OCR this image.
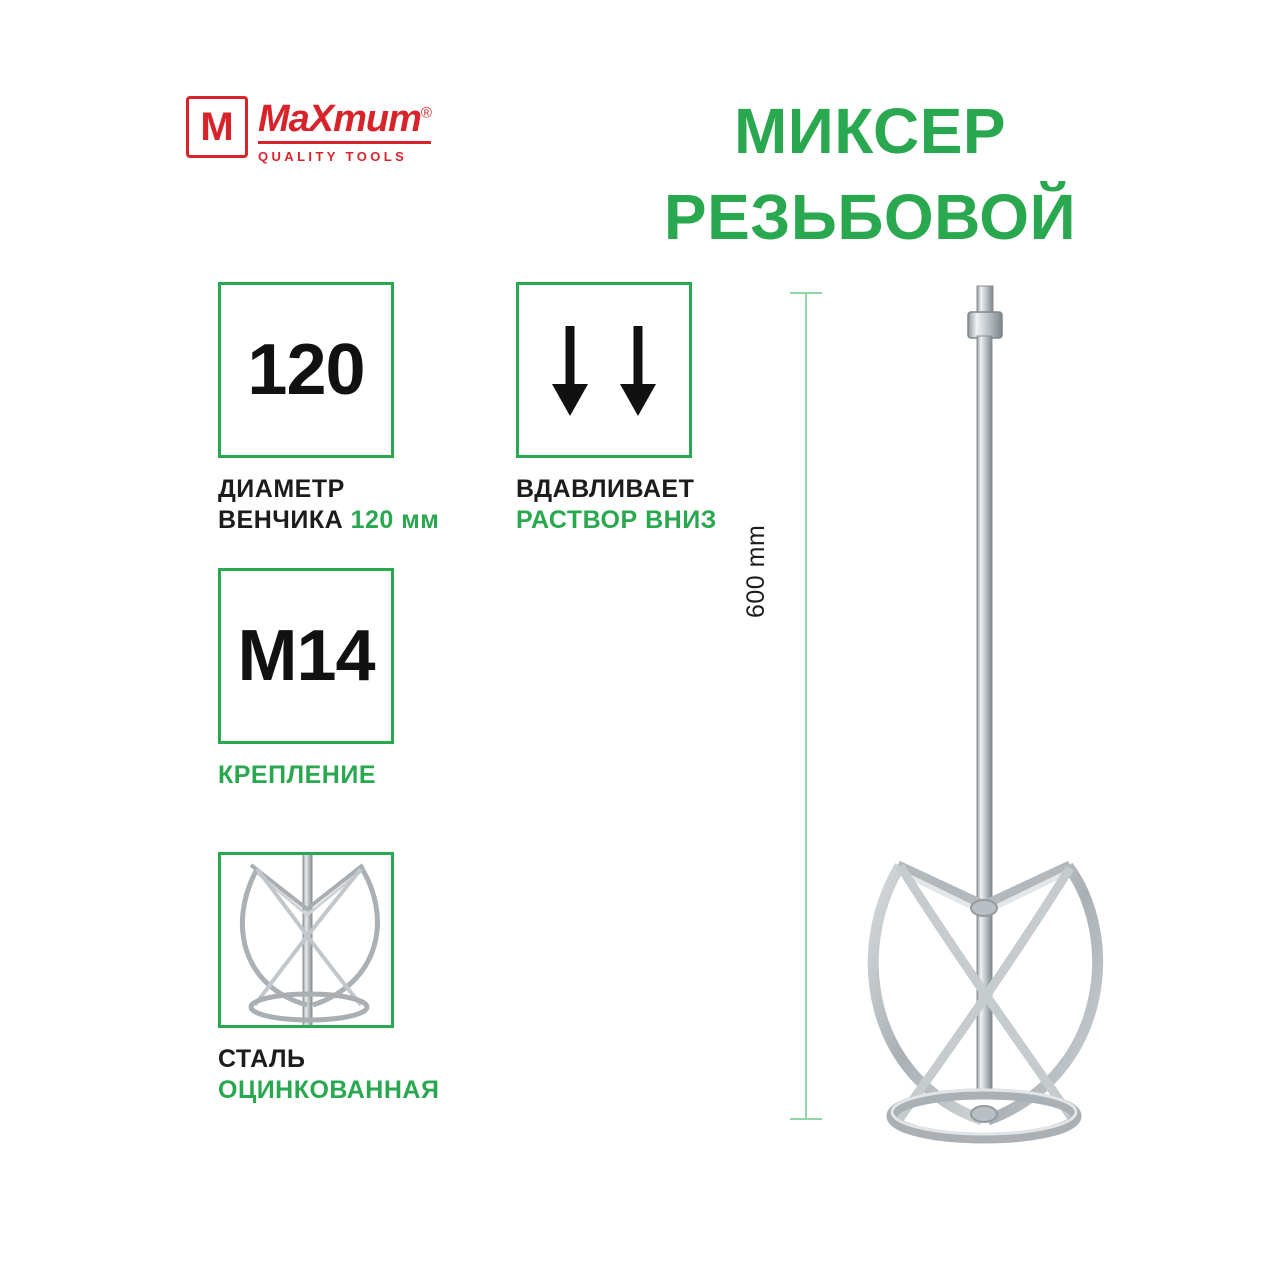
M MaXmum®
QUALITY TOOLS	МИКСЕР
РЕЗЬБОВОЙ
120
ДИАМЕТР
ВЕНЧИКА 120 мм
ВДАВЛИВАЕТ
РАСТВОР ВНИЗ
M14
КРЕПЛЕНИЕ
СТАЛЬ
ОЦИНКОВАННАЯ
600 mm
